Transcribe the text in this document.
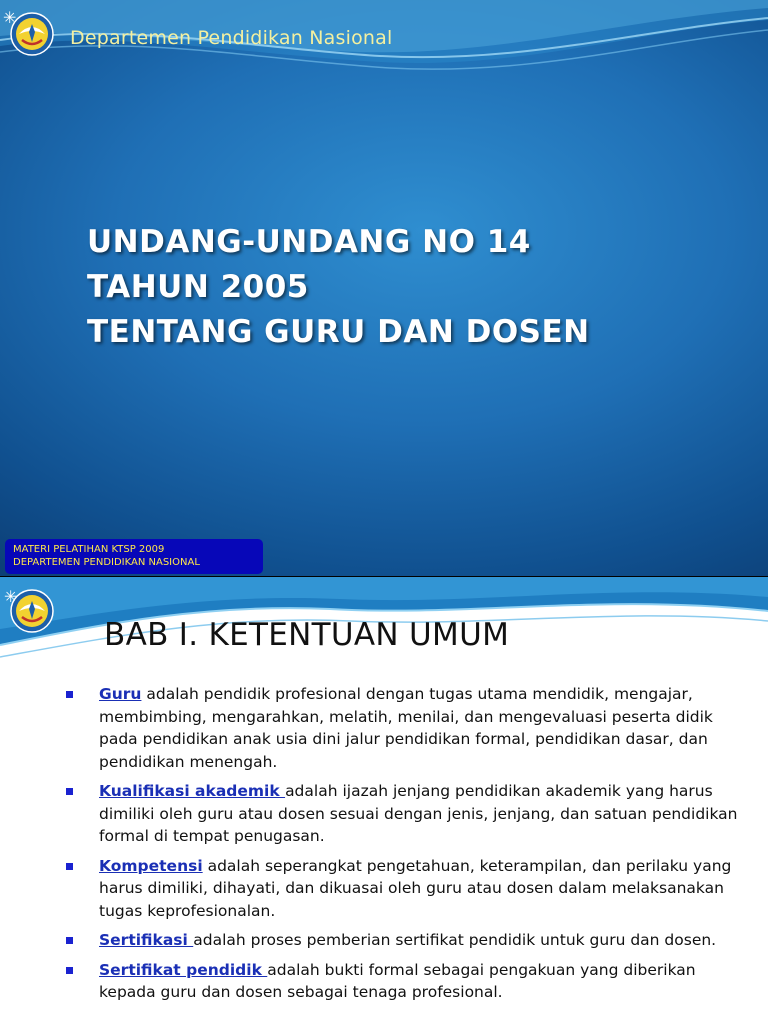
✳
Departemen Pendidikan Nasional
UNDANG-UNDANG NO 14
TAHUN 2005
TENTANG GURU DAN DOSEN
MATERI PELATIHAN KTSP 2009
DEPARTEMEN PENDIDIKAN NASIONAL
✳
BAB I. KETENTUAN UMUM
Guru adalah pendidik profesional dengan tugas utama mendidik, mengajar, membimbing, mengarahkan, melatih, menilai, dan mengevaluasi peserta didik pada pendidikan anak usia dini jalur pendidikan formal, pendidikan dasar, dan pendidikan menengah.
Kualifikasi akademik adalah ijazah jenjang pendidikan akademik yang harus dimiliki oleh guru atau dosen sesuai dengan jenis, jenjang, dan satuan pendidikan formal di tempat penugasan.
Kompetensi adalah seperangkat pengetahuan, keterampilan, dan perilaku yang harus dimiliki, dihayati, dan dikuasai oleh guru atau dosen dalam melaksanakan tugas keprofesionalan.
Sertifikasi adalah proses pemberian sertifikat pendidik untuk guru dan dosen.
Sertifikat pendidik adalah bukti formal sebagai pengakuan yang diberikan kepada guru dan dosen sebagai tenaga profesional.
